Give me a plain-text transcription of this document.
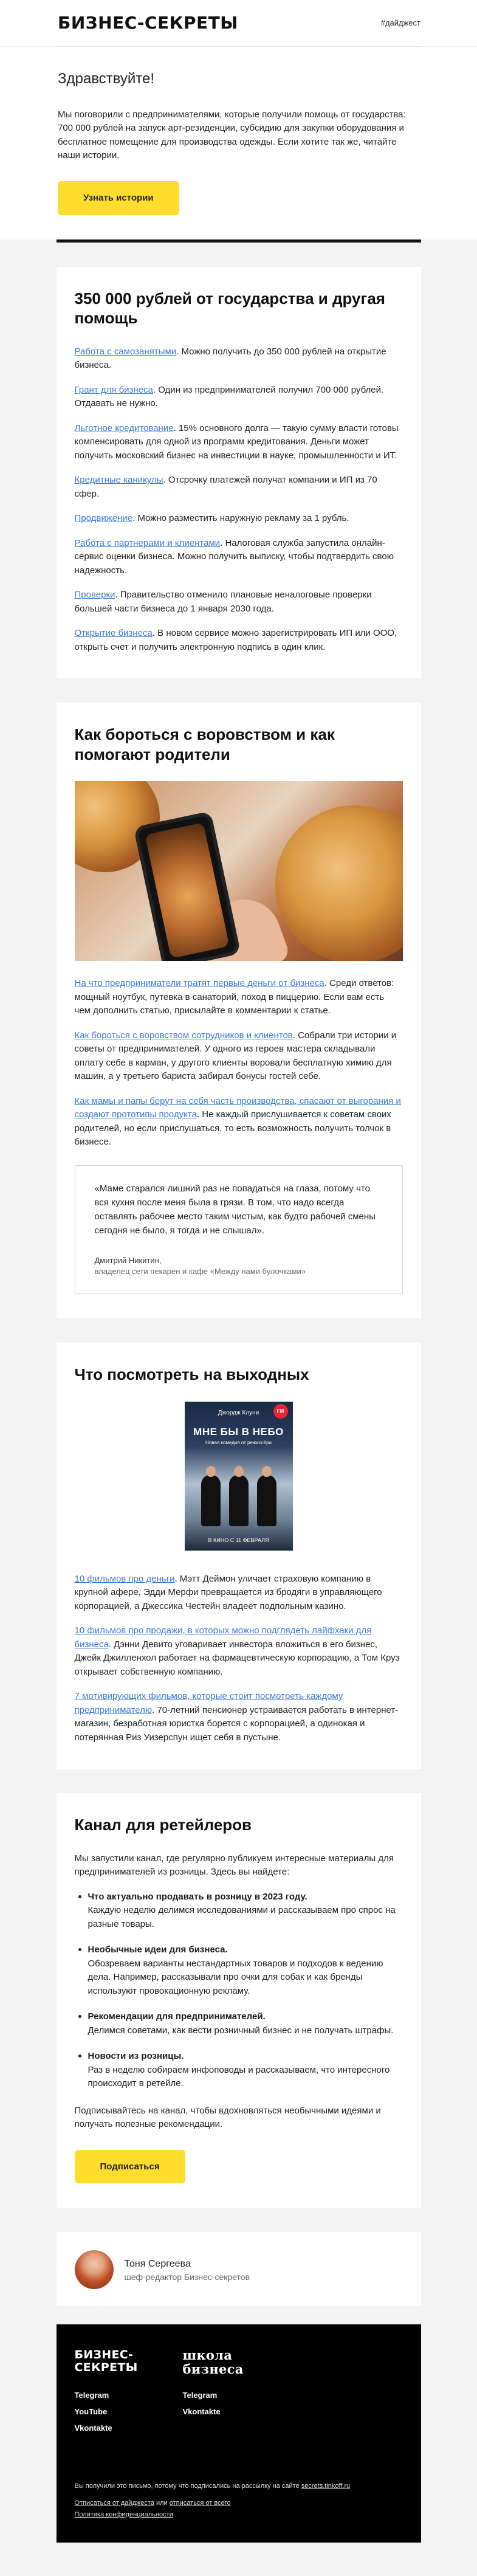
БИЗНЕС-СЕКРЕТЫ	#дайджест
Здравствуйте!

Мы поговорили с предпринимателями, которые получили помощь от государства: 700 000 рублей на запуск арт-резиденции, субсидию для закупки оборудования и бесплатное помещение для производства одежды. Если хотите так же, читайте наши истории.

Узнать истории
350 000 рублей от государства и другая помощь

Работа с самозанятыми. Можно получить до 350 000 рублей на открытие бизнеса.

Грант для бизнеса. Один из предпринимателей получил 700 000 рублей. Отдавать не нужно.

Льготное кредитование. 15% основного долга — такую сумму власти готовы компенсировать для одной из программ кредитования. Деньги может получить московский бизнес на инвестиции в науке, промышленности и ИТ.

Кредитные каникулы. Отсрочку платежей получат компании и ИП из 70 сфер.

Продвижение. Можно разместить наружную рекламу за 1 рубль.

Работа с партнерами и клиентами. Налоговая служба запустила онлайн-сервис оценки бизнеса. Можно получить выписку, чтобы подтвердить свою надежность.

Проверки. Правительство отменило плановые неналоговые проверки большей части бизнеса до 1 января 2030 года.

Открытие бизнеса. В новом сервисе можно зарегистрировать ИП или ООО, открыть счет и получить электронную подпись в один клик.

Как бороться с воровством и как помогают родители

На что предприниматели тратят первые деньги от бизнеса. Среди ответов: мощный ноутбук, путевка в санаторий, поход в пиццерию. Если вам есть чем дополнить статью, присылайте в комментарии к статье.

Как бороться с воровством сотрудников и клиентов. Собрали три истории и советы от предпринимателей. У одного из героев мастера складывали оплату себе в карман, у другого клиенты воровали бесплатную химию для машин, а у третьего бариста забирал бонусы гостей себе.

Как мамы и папы берут на себя часть производства, спасают от выгорания и создают прототипы продукта. Не каждый прислушивается к советам своих родителей, но если прислушаться, то есть возможность получить толчок в бизнесе.

«Маме старался лишний раз не попадаться на глаза, потому что вся кухня после меня была в грязи. В том, что надо всегда оставлять рабочее место таким чистым, как будто рабочей смены сегодня не было, я тогда и не слышал».
Дмитрий Никитин,
владелец сети пекарен и кафе «Между нами булочками»
Что посмотреть на выходных
FM
Джордж Клуни
МНЕ БЫ В НЕБО
Новая комедия от режиссёра
В КИНО С 11 ФЕВРАЛЯ

10 фильмов про деньги. Мэтт Деймон уличает страховую компанию в крупной афере, Эдди Мерфи превращается из бродяги в управляющего корпорацией, а Джессика Честейн владеет подпольным казино.

10 фильмов про продажи, в которых можно подглядеть лайфхаки для бизнеса. Дэнни Девито уговаривает инвестора вложиться в его бизнес, Джейк Джилленхол работает на фармацевтическую корпорацию, а Том Круз открывает собственную компанию.

7 мотивирующих фильмов, которые стоит посмотреть каждому предпринимателю. 70-летний пенсионер устраивается работать в интернет-магазин, безработная юристка борется с корпорацией, а одинокая и потерянная Риз Уизерспун ищет себя в пустыне.

Канал для ретейлеров

Мы запустили канал, где регулярно публикуем интересные материалы для предпринимателей из розницы. Здесь вы найдете:

Что актуально продавать в розницу в 2023 году.
Каждую неделю делимся исследованиями и рассказываем про спрос на разные товары.
Необычные идеи для бизнеса.
Обозреваем варианты нестандартных товаров и подходов к ведению дела. Например, рассказывали про очки для собак и как бренды используют провокационную рекламу.
Рекомендации для предпринимателей.
Делимся советами, как вести розничный бизнес и не получать штрафы.
Новости из розницы.
Раз в неделю собираем инфоповоды и рассказываем, что интересного происходит в ретейле.

Подписывайтесь на канал, чтобы вдохновляться необычными идеями и получать полезные рекомендации.

Подписаться
Тоня Сергеева
шеф-редактор Бизнес-секретов
БИЗНЕС-
СЕКРЕТЫ
Telegram
YouTube
Vkontakte
школа
бизнеса
Telegram
Vkontakte
Вы получили это письмо, потому что подписались на рассылку на сайте secrets.tinkoff.ru
Отписаться от дайджеста или отписаться от всего
Политика конфиденциальности
